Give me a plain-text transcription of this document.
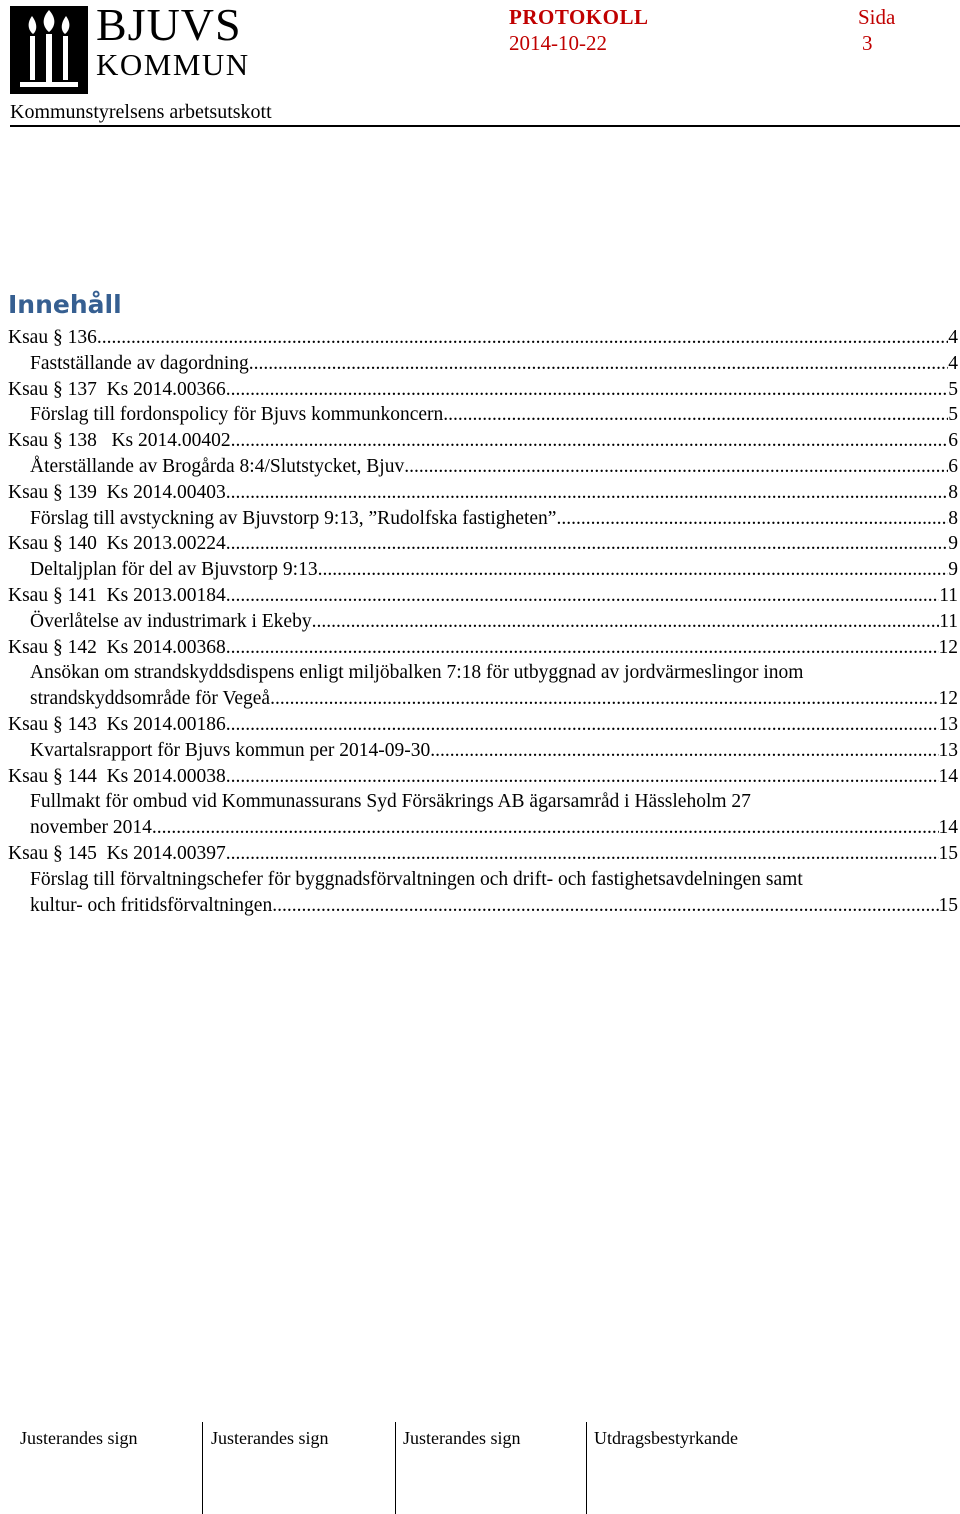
BJUVS
KOMMUN
PROTOKOLL
2014-10-22
Sida
3
Kommunstyrelsens arbetsutskott
Innehåll
Ksau § 136 .....	4
Fastställande av dagordning .....	4
Ksau § 137  Ks 2014.00366 .....	5
Förslag till fordonspolicy för Bjuvs kommunkoncern .....	5
Ksau § 138   Ks 2014.00402 .....	6
Återställande av Brogårda 8:4/Slutstycket, Bjuv .....	6
Ksau § 139  Ks 2014.00403 .....	8
Förslag till avstyckning av Bjuvstorp 9:13, ”Rudolfska fastigheten” .....	8
Ksau § 140  Ks 2013.00224 .....	9
Deltaljplan för del av Bjuvstorp 9:13 .....	9
Ksau § 141  Ks 2013.00184 .....	11
Överlåtelse av industrimark i Ekeby .....	11
Ksau § 142  Ks 2014.00368 .....	12
Ansökan om strandskyddsdispens enligt miljöbalken 7:18 för utbyggnad av jordvärmeslingor inom
strandskyddsområde för Vegeå .....	12
Ksau § 143  Ks 2014.00186 .....	13
Kvartalsrapport för Bjuvs kommun per 2014-09-30 .....	13
Ksau § 144  Ks 2014.00038 .....	14
Fullmakt för ombud vid Kommunassurans Syd Försäkrings AB ägarsamråd i Hässleholm 27
november 2014 .....	14
Ksau § 145  Ks 2014.00397 .....	15
Förslag till förvaltningschefer för byggnadsförvaltningen och drift- och fastighetsavdelningen samt
kultur- och fritidsförvaltningen .....	15
Justerandes sign	Justerandes sign	Justerandes sign	Utdragsbestyrkande
